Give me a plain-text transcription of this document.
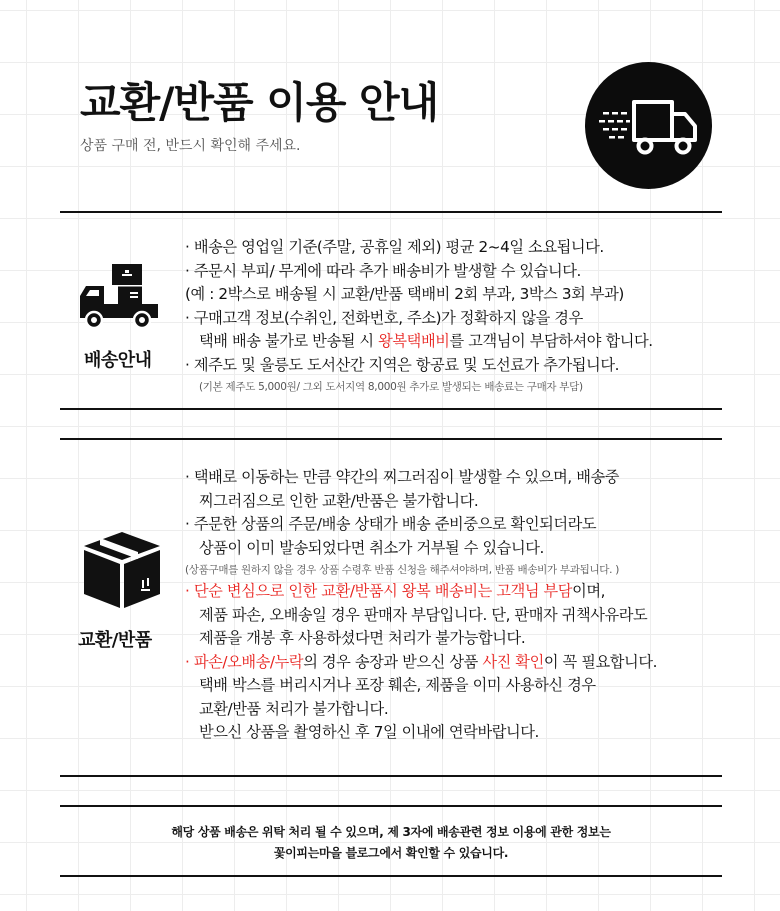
교환/반품 이용 안내
상품 구매 전, 반드시 확인해 주세요.
배송안내
· 배송은 영업일 기준(주말, 공휴일 제외) 평균 2~4일 소요됩니다.
· 주문시 부피/ 무게에 따라 추가 배송비가 발생할 수 있습니다.
(예 : 2박스로 배송될 시 교환/반품 택배비 2회 부과, 3박스 3회 부과)
· 구매고객 정보(수취인, 전화번호, 주소)가 정확하지 않을 경우
택배 배송 불가로 반송될 시 왕복택배비를 고객님이 부담하셔야 합니다.
· 제주도 및 울릉도 도서산간 지역은 항공료 및 도선료가 추가됩니다.
(기본 제주도 5,000원/ 그외 도서지역 8,000원 추가로 발생되는 배송료는 구매자 부담)
교환/반품
· 택배로 이동하는 만큼 약간의 찌그러짐이 발생할 수 있으며, 배송중
찌그러짐으로 인한 교환/반품은 불가합니다.
· 주문한 상품의 주문/배송 상태가 배송 준비중으로 확인되더라도
상품이 이미 발송되었다면 취소가 거부될 수 있습니다.
(상품구매를 원하지 않을 경우 상품 수령후 반품 신청을 해주셔야하며, 반품 배송비가 부과됩니다. )
· 단순 변심으로 인한 교환/반품시 왕복 배송비는 고객님 부담이며,
제품 파손, 오배송일 경우 판매자 부담입니다. 단, 판매자 귀책사유라도
제품을 개봉 후 사용하셨다면 처리가 불가능합니다.
· 파손/오배송/누락의 경우 송장과 받으신 상품 사진 확인이 꼭 필요합니다.
택배 박스를 버리시거나 포장 훼손, 제품을 이미 사용하신 경우
교환/반품 처리가 불가합니다.
받으신 상품을 촬영하신 후 7일 이내에 연락바랍니다.
해당 상품 배송은 위탁 처리 될 수 있으며, 제 3자에 배송관련 정보 이용에 관한 정보는
꽃이피는마을 블로그에서 확인할 수 있습니다.
